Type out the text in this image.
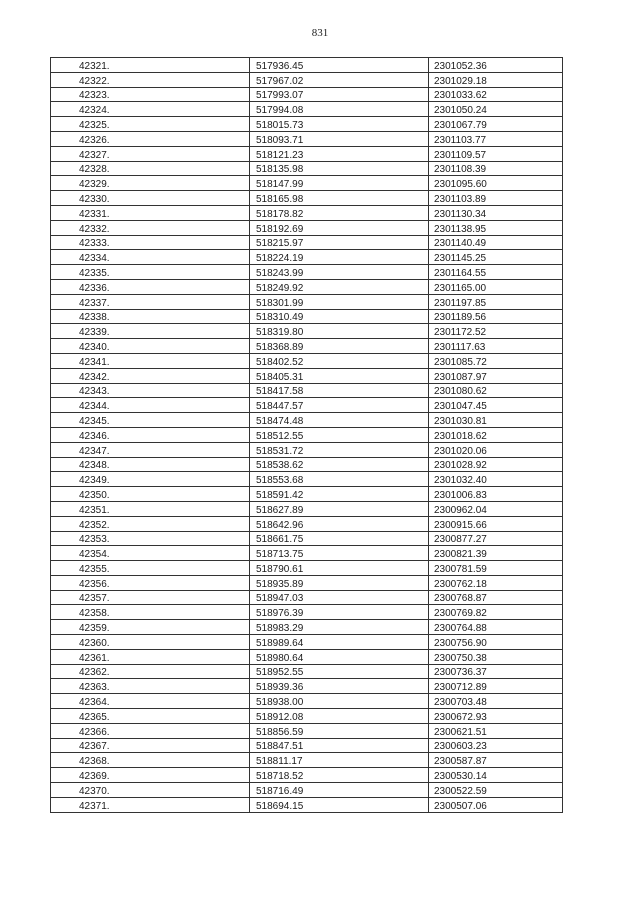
831
42321.	517936.45	2301052.36
42322.	517967.02	2301029.18
42323.	517993.07	2301033.62
42324.	517994.08	2301050.24
42325.	518015.73	2301067.79
42326.	518093.71	2301103.77
42327.	518121.23	2301109.57
42328.	518135.98	2301108.39
42329.	518147.99	2301095.60
42330.	518165.98	2301103.89
42331.	518178.82	2301130.34
42332.	518192.69	2301138.95
42333.	518215.97	2301140.49
42334.	518224.19	2301145.25
42335.	518243.99	2301164.55
42336.	518249.92	2301165.00
42337.	518301.99	2301197.85
42338.	518310.49	2301189.56
42339.	518319.80	2301172.52
42340.	518368.89	2301117.63
42341.	518402.52	2301085.72
42342.	518405.31	2301087.97
42343.	518417.58	2301080.62
42344.	518447.57	2301047.45
42345.	518474.48	2301030.81
42346.	518512.55	2301018.62
42347.	518531.72	2301020.06
42348.	518538.62	2301028.92
42349.	518553.68	2301032.40
42350.	518591.42	2301006.83
42351.	518627.89	2300962.04
42352.	518642.96	2300915.66
42353.	518661.75	2300877.27
42354.	518713.75	2300821.39
42355.	518790.61	2300781.59
42356.	518935.89	2300762.18
42357.	518947.03	2300768.87
42358.	518976.39	2300769.82
42359.	518983.29	2300764.88
42360.	518989.64	2300756.90
42361.	518980.64	2300750.38
42362.	518952.55	2300736.37
42363.	518939.36	2300712.89
42364.	518938.00	2300703.48
42365.	518912.08	2300672.93
42366.	518856.59	2300621.51
42367.	518847.51	2300603.23
42368.	518811.17	2300587.87
42369.	518718.52	2300530.14
42370.	518716.49	2300522.59
42371.	518694.15	2300507.06
